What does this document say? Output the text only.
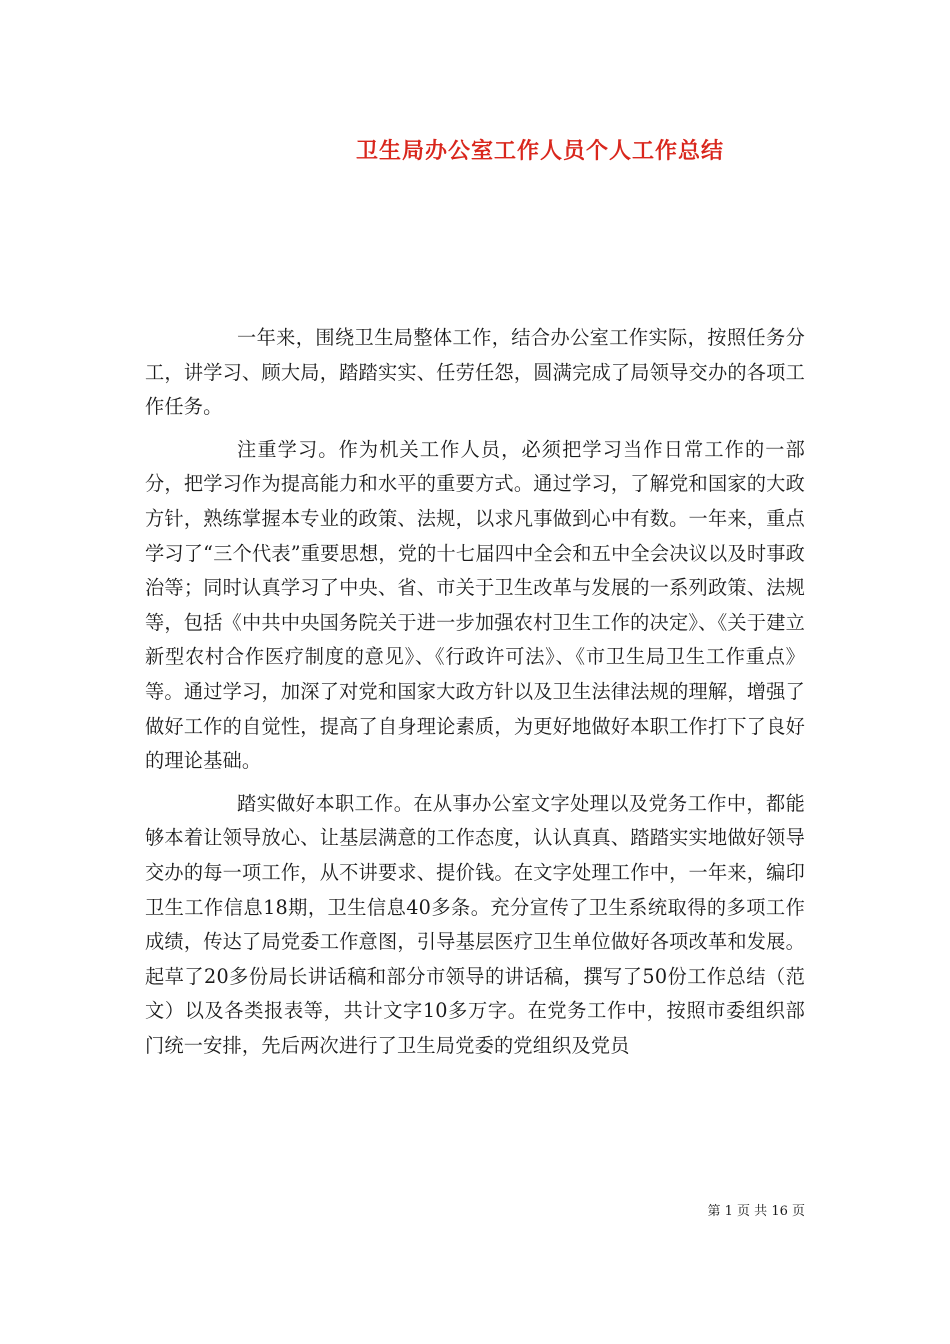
卫生局办公室工作人员个人工作总结

一年来，围绕卫生局整体工作，结合办公室工作实际，按照任务分工，讲学习、顾大局，踏踏实实、任劳任怨，圆满完成了局领导交办的各项工作任务。

注重学习。作为机关工作人员，必须把学习当作日常工作的一部分，把学习作为提高能力和水平的重要方式。通过学习，了解党和国家的大政方针，熟练掌握本专业的政策、法规，以求凡事做到心中有数。一年来，重点学习了“三个代表”重要思想，党的十七届四中全会和五中全会决议以及时事政治等；同时认真学习了中央、省、市关于卫生改革与发展的一系列政策、法规等，包括《中共中央国务院关于进一步加强农村卫生工作的决定》、《关于建立新型农村合作医疗制度的意见》、《行政许可法》、《市卫生局卫生工作重点》等。通过学习，加深了对党和国家大政方针以及卫生法律法规的理解，增强了做好工作的自觉性，提高了自身理论素质，为更好地做好本职工作打下了良好的理论基础。

踏实做好本职工作。在从事办公室文字处理以及党务工作中，都能够本着让领导放心、让基层满意的工作态度，认认真真、踏踏实实地做好领导交办的每一项工作，从不讲要求、提价钱。在文字处理工作中，一年来，编印卫生工作信息18期，卫生信息40多条。充分宣传了卫生系统取得的多项工作成绩，传达了局党委工作意图，引导基层医疗卫生单位做好各项改革和发展。起草了20多份局长讲话稿和部分市领导的讲话稿，撰写了50份工作总结（范文）以及各类报表等，共计文字10多万字。在党务工作中，按照市委组织部门统一安排，先后两次进行了卫生局党委的党组织及党员

第 1 页 共 16 页
